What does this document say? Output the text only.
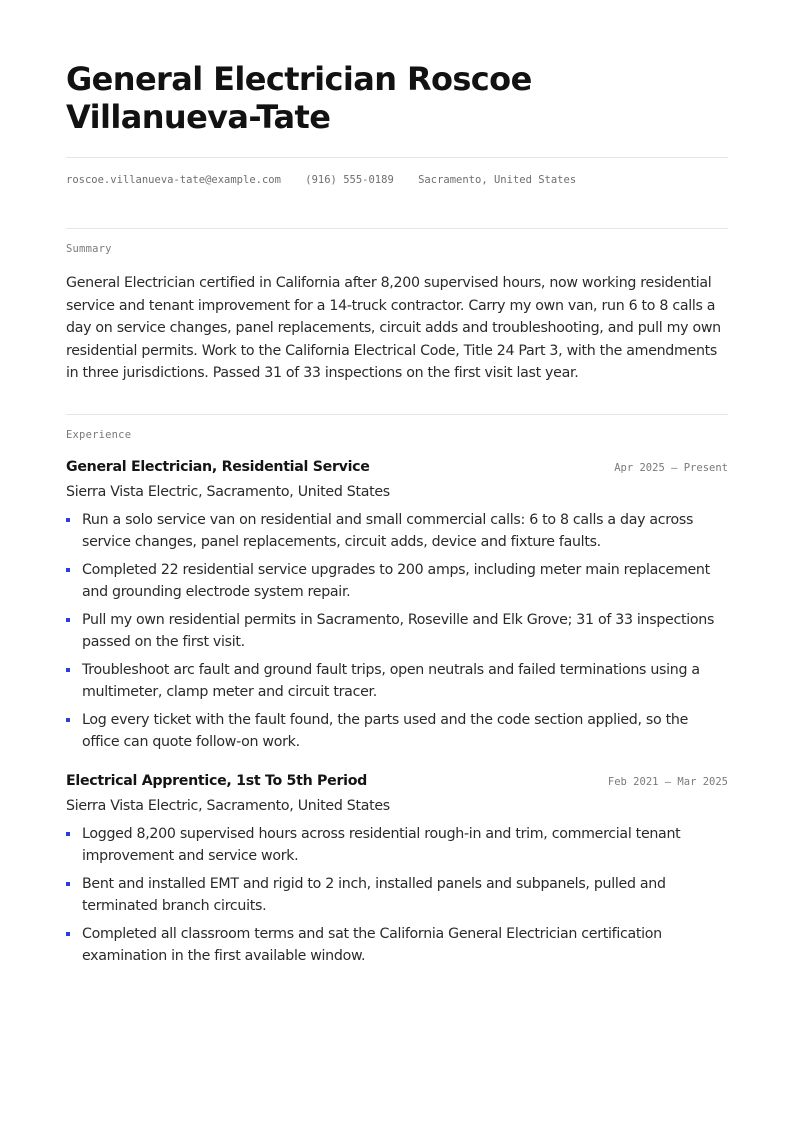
General Electrician Roscoe Villanueva-Tate
roscoe.villanueva-tate@example.com (916) 555-0189 Sacramento, United States
Summary

General Electrician certified in California after 8,200 supervised hours, now working residential service and tenant improvement for a 14-truck contractor. Carry my own van, run 6 to 8 calls a day on service changes, panel replacements, circuit adds and troubleshooting, and pull my own residential permits. Work to the California Electrical Code, Title 24 Part 3, with the amendments in three jurisdictions. Passed 31 of 33 inspections on the first visit last year.

Experience
General Electrician, Residential Service	Apr 2025 — Present
Sierra Vista Electric, Sacramento, United States
Run a solo service van on residential and small commercial calls: 6 to 8 calls a day across service changes, panel replacements, circuit adds, device and fixture faults.
Completed 22 residential service upgrades to 200 amps, including meter main replacement and grounding electrode system repair.
Pull my own residential permits in Sacramento, Roseville and Elk Grove; 31 of 33 inspections passed on the first visit.
Troubleshoot arc fault and ground fault trips, open neutrals and failed terminations using a multimeter, clamp meter and circuit tracer.
Log every ticket with the fault found, the parts used and the code section applied, so the office can quote follow-on work.
Electrical Apprentice, 1st To 5th Period	Feb 2021 — Mar 2025
Sierra Vista Electric, Sacramento, United States
Logged 8,200 supervised hours across residential rough-in and trim, commercial tenant improvement and service work.
Bent and installed EMT and rigid to 2 inch, installed panels and subpanels, pulled and terminated branch circuits.
Completed all classroom terms and sat the California General Electrician certification examination in the first available window.
